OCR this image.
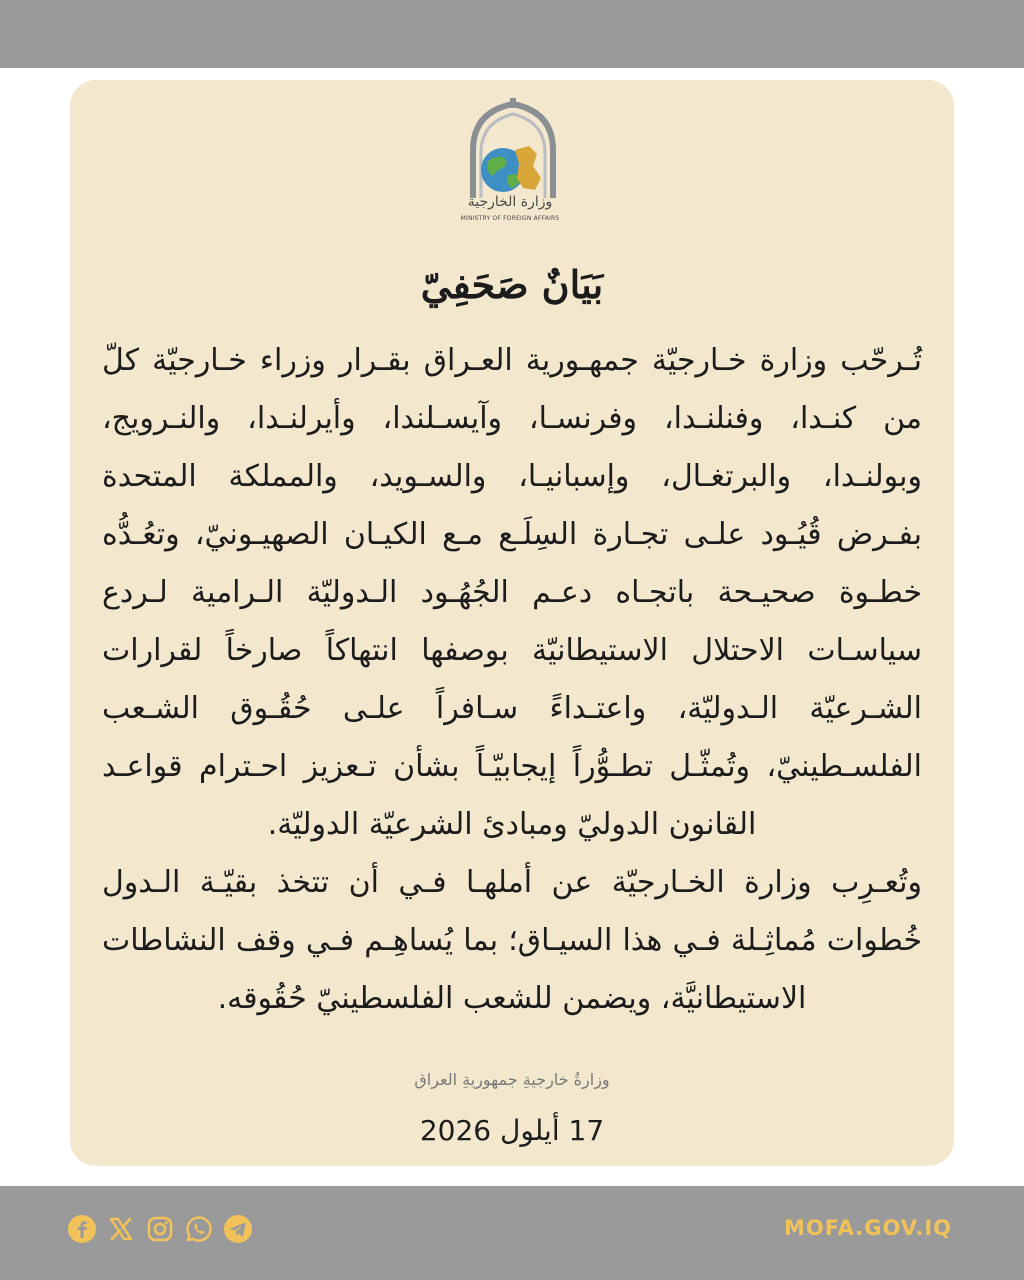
وزارة الخارجية
MINISTRY OF FOREIGN AFFAIRS
بَيَانٌ صَحَفِيّ
تُـرحّب وزارة خـارجيّة جمهـورية العـراق بقـرار وزراء خـارجيّة كلّ
من كنـدا، وفنلنـدا، وفرنسـا، وآيسـلندا، وأيرلنـدا، والنـرويج،
وبولنـدا، والبرتغـال، وإسبانيـا، والسـويد، والمملكة المتحدة
بفـرض قُيُـود علـى تجـارة السِلَـع مـع الكيـان الصهيـونيّ، وتعُـدُّه
خطـوة صحيـحة باتجـاه دعـم الجُهُـود الـدوليّة الـرامية لـردع
سياسـات الاحتلال الاستيطانيّة بوصفها انتهاكاً صارخاً لقرارات
الشـرعيّة الـدوليّة، واعتـداءً سـافراً علـى حُقُـوق الشـعب
الفلسـطينيّ، وتُمثّـل تطـوُّراً إيجابيّـاً بشأن تـعزيز احـترام قواعـد
القانون الدوليّ ومبادئ الشرعيّة الدوليّة.
وتُعـرِب وزارة الخـارجيّة عن أملهـا فـي أن تتخذ بقيّـة الـدول
خُطوات مُماثِـلة فـي هذا السيـاق؛ بما يُساهِـم فـي وقف النشاطات
الاستيطانيَّة، ويضمن للشعب الفلسطينيّ حُقُوقه.
وزارةُ خارجيةِ جمهوريةِ العراق
17 أيلول 2026
MOFA.GOV.IQ
